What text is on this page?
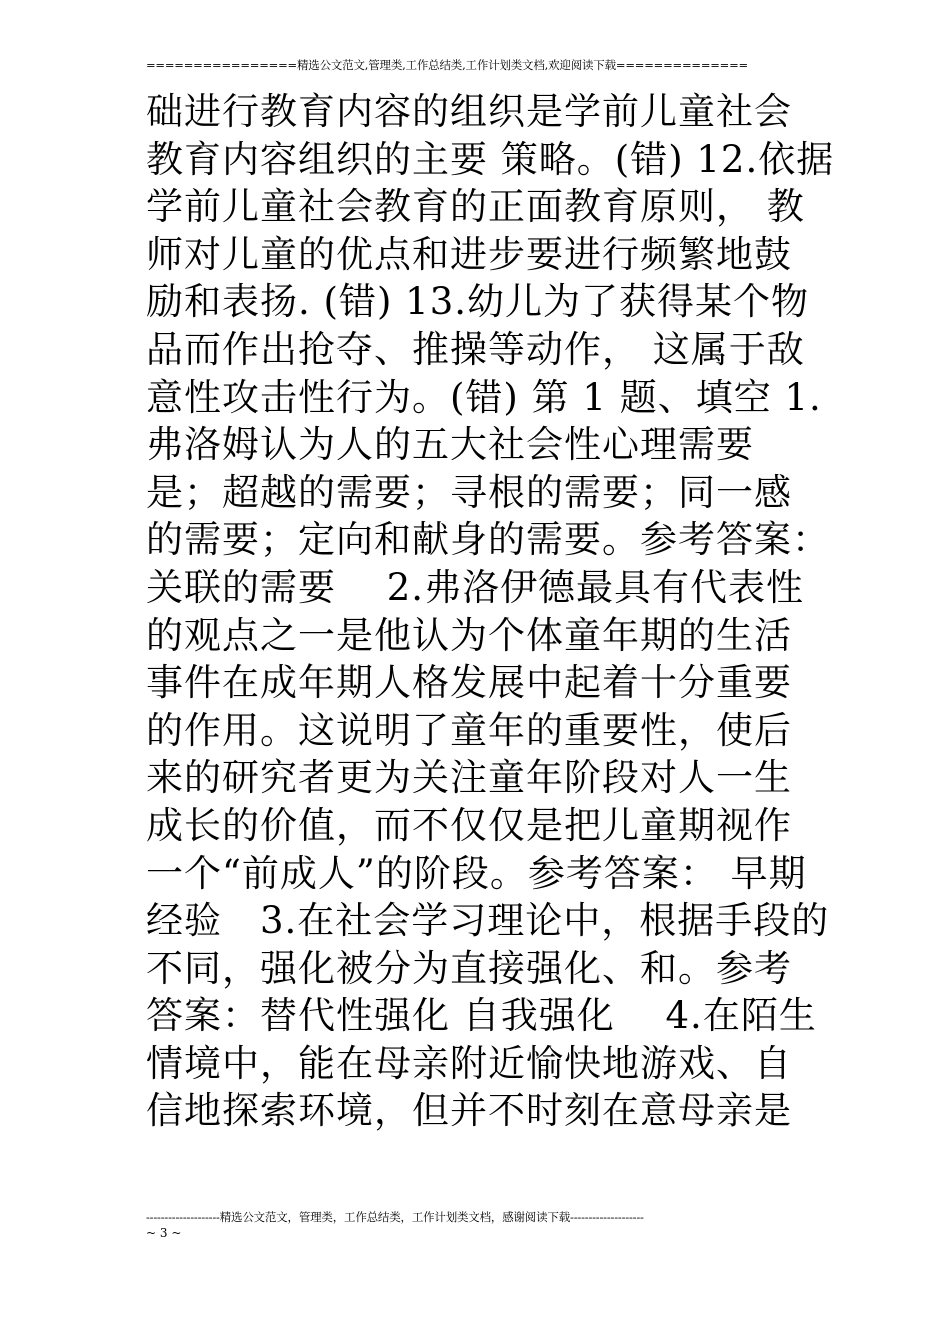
================精选公文范文,管理类,工作总结类,工作计划类文档,欢迎阅读下载==============
础进行教育内容的组织是学前儿童社会
教育内容组织的主要 策略。(错) 12.依据
学前儿童社会教育的正面教育原则， 教
师对儿童的优点和进步要进行频繁地鼓
励和表扬. (错) 13.幼儿为了获得某个物
品而作出抢夺、推操等动作， 这属于敌
意性攻击性行为。(错) 第 1 题、填空 1.
弗洛姆认为人的五大社会性心理需要
是；超越的需要；寻根的需要；同一感
的需要；定向和献身的需要。参考答案：
关联的需要　 2.弗洛伊德最具有代表性
的观点之一是他认为个体童年期的生活
事件在成年期人格发展中起着十分重要
的作用。这说明了童年的重要性，使后
来的研究者更为关注童年阶段对人一生
成长的价值，而不仅仅是把儿童期视作
一个“前成人”的阶段。参考答案： 早期
经验　3.在社会学习理论中，根据手段的
不同，强化被分为直接强化、和。参考
答案：替代性强化 自我强化　 4.在陌生
情境中，能在母亲附近愉快地游戏、自
信地探索环境，但并不时刻在意母亲是
--------------------精选公文范文，管理类，工作总结类，工作计划类文档，感谢阅读下载--------------------
~ 3 ~
